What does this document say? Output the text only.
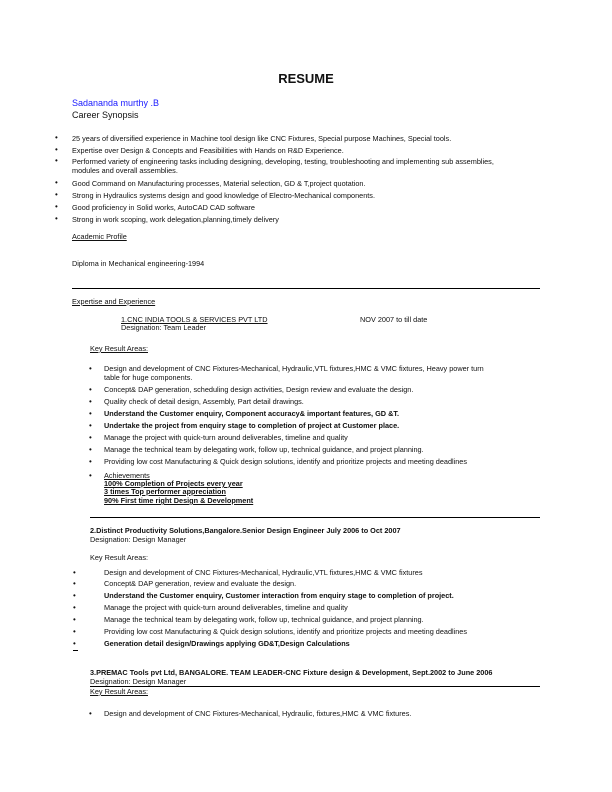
RESUME
Sadananda murthy .B
Career Synopsis
• 25 years of diversified experience in Machine tool design like CNC Fixtures, Special purpose Machines, Special tools.
• Expertise over Design & Concepts and Feasibilities with Hands on R&D Experience.
• Performed variety of engineering tasks including designing, developing, testing, troubleshooting and implementing sub assemblies,
modules and overall assemblies.
• Good Command on Manufacturing processes, Material selection, GD & T,project quotation.
• Strong in Hydraulics systems design and good knowledge of Electro-Mechanical components.
• Good proficiency in Solid works, AutoCAD CAD software
• Strong in work scoping, work delegation,planning,timely delivery
Academic Profile
Diploma in Mechanical engineering-1994
Expertise and Experience
1.CNC INDIA TOOLS & SERVICES PVT LTD	NOV 2007 to till date
Designation: Team Leader
Key Result Areas:
• Design and development of CNC Fixtures-Mechanical, Hydraulic,VTL fixtures,HMC & VMC fixtures, Heavy power turn
table for huge components.
• Concept& DAP generation, scheduling design activities, Design review and evaluate the design.
• Quality check of detail design, Assembly, Part detail drawings.
• Understand the Customer enquiry, Component accuracy& important features, GD &T.
• Undertake the project from enquiry stage to completion of project at Customer place.
• Manage the project with quick-turn around deliverables, timeline and quality
• Manage the technical team by delegating work, follow up, technical guidance, and project planning.
• Providing low cost Manufacturing & Quick design solutions, identify and prioritize projects and meeting deadlines
• Achievements
100% Completion of Projects every year
3 times Top performer appreciation
90% First time right Design & Development
2.Distinct Productivity Solutions,Bangalore.Senior Design Engineer July 2006 to Oct 2007
Designation: Design Manager
Key Result Areas:
•	Design and development of CNC Fixtures-Mechanical, Hydraulic,VTL fixtures,HMC & VMC fixtures
•	Concept& DAP generation, review and evaluate the design.
•	Understand the Customer enquiry, Customer interaction from enquiry stage to completion of project.
•	Manage the project with quick-turn around deliverables, timeline and quality
•	Manage the technical team by delegating work, follow up, technical guidance, and project planning.
•	Providing low cost Manufacturing & Quick design solutions, identify and prioritize projects and meeting deadlines
•	Generation detail design/Drawings applying GD&T,Design Calculations
3.PREMAC Tools pvt Ltd, BANGALORE. TEAM LEADER-CNC Fixture design & Development, Sept.2002 to June 2006
Designation: Design Manager
Key Result Areas:
• Design and development of CNC Fixtures-Mechanical, Hydraulic, fixtures,HMC & VMC fixtures.
